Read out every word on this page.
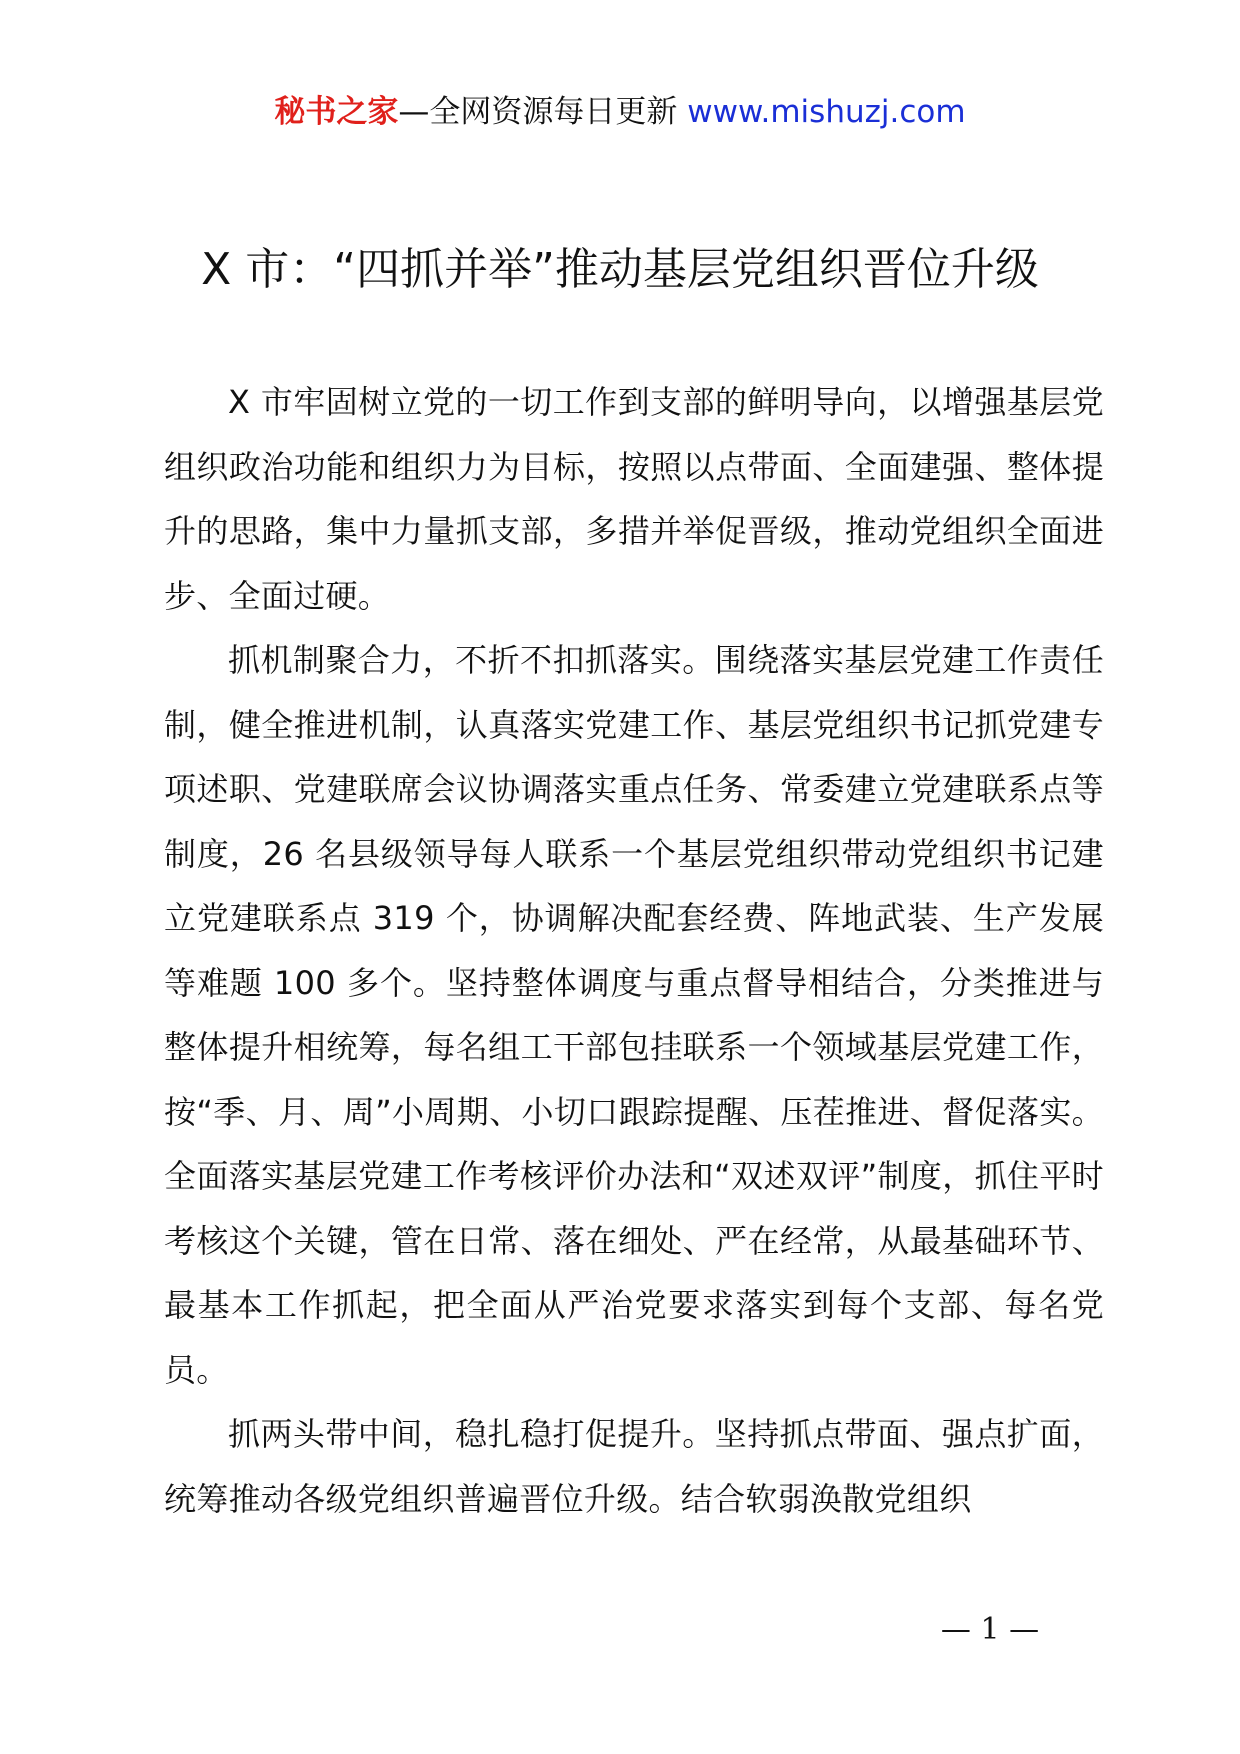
秘书之家—全网资源每日更新 www.mishuzj.com
X 市：“四抓并举”推动基层党组织晋位升级

X 市牢固树立党的一切工作到支部的鲜明导向，以增强基层党组织政治功能和组织力为目标，按照以点带面、全面建强、整体提升的思路，集中力量抓支部，多措并举促晋级，推动党组织全面进步、全面过硬。

抓机制聚合力，不折不扣抓落实。围绕落实基层党建工作责任制，健全推进机制，认真落实党建工作、基层党组织书记抓党建专项述职、党建联席会议协调落实重点任务、常委建立党建联系点等制度，26 名县级领导每人联系一个基层党组织带动党组织书记建立党建联系点 319 个，协调解决配套经费、阵地武装、生产发展等难题 100 多个。坚持整体调度与重点督导相结合，分类推进与整体提升相统筹，每名组工干部包挂联系一个领域基层党建工作，按“季、月、周”小周期、小切口跟踪提醒、压茬推进、督促落实。全面落实基层党建工作考核评价办法和“双述双评”制度，抓住平时考核这个关键，管在日常、落在细处、严在经常，从最基础环节、最基本工作抓起，把全面从严治党要求落实到每个支部、每名党员。

抓两头带中间，稳扎稳打促提升。坚持抓点带面、强点扩面，统筹推动各级党组织普遍晋位升级。结合软弱涣散党组织

— 1 —
